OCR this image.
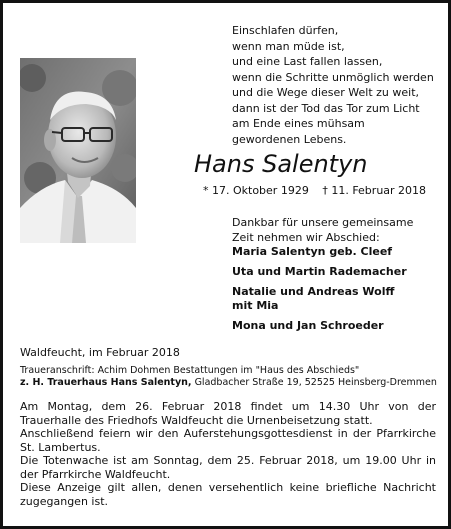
Einschlafen dürfen,
wenn man müde ist,
und eine Last fallen lassen,
wenn die Schritte unmöglich werden
und die Wege dieser Welt zu weit,
dann ist der Tod das Tor zum Licht
am Ende eines mühsam
gewordenen Lebens.
Hans Salentyn
* 17. Oktober 1929 † 11. Februar 2018
Dankbar für unsere gemeinsame
Zeit nehmen wir Abschied:
Maria Salentyn geb. Cleef
Uta und Martin Rademacher
Natalie und Andreas Wolff
mit Mia
Mona und Jan Schroeder
Waldfeucht, im Februar 2018
Traueranschrift: Achim Dohmen Bestattungen im "Haus des Abschieds"
z. H. Trauerhaus Hans Salentyn, Gladbacher Straße 19, 52525 Heinsberg-Dremmen

Am Montag, dem 26. Februar 2018 findet um 14.30 Uhr von der Trauerhalle des Friedhofs Waldfeucht die Urnenbeisetzung statt.

Anschließend feiern wir den Auferstehungsgottesdienst in der Pfarrkirche St. Lambertus.

Die Totenwache ist am Sonntag, dem 25. Februar 2018, um 19.00 Uhr in der Pfarrkirche Waldfeucht.

Diese Anzeige gilt allen, denen versehentlich keine briefliche Nachricht zugegangen ist.
